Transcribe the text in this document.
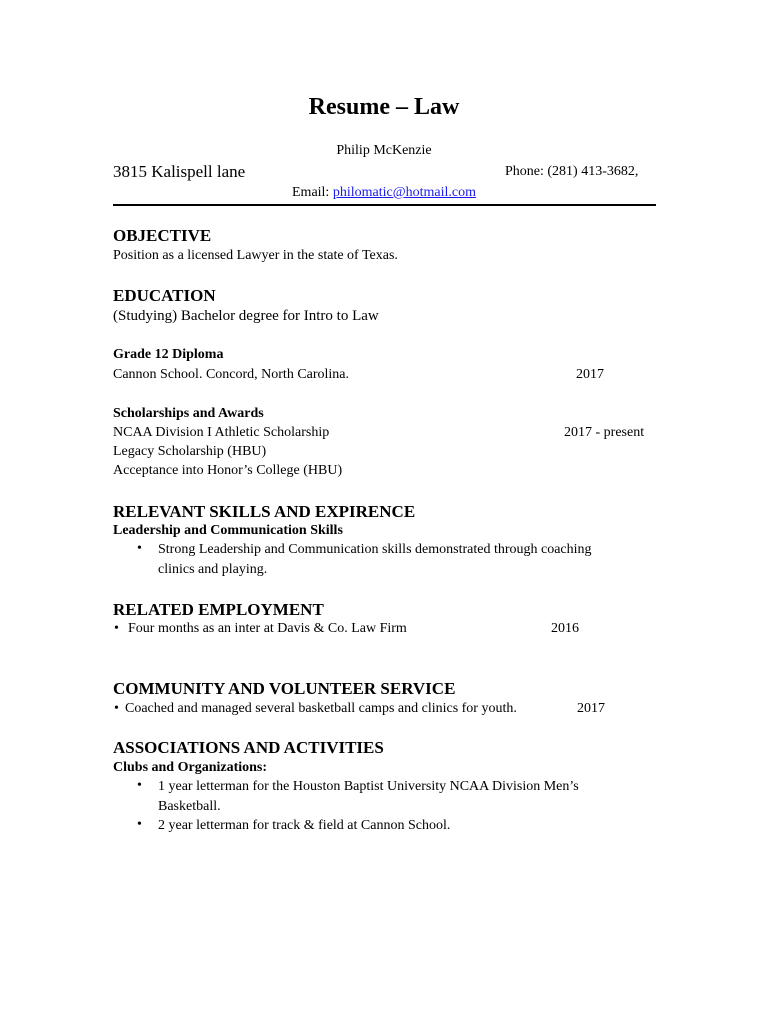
Resume – Law
Philip McKenzie
3815 Kalispell lane	Phone: (281) 413-3682,
Email: philomatic@hotmail.com
OBJECTIVE
Position as a licensed Lawyer in the state of Texas.
EDUCATION
(Studying) Bachelor degree for Intro to Law
Grade 12 Diploma
Cannon School. Concord, North Carolina.	2017
Scholarships and Awards
NCAA Division I Athletic Scholarship	2017 - present
Legacy Scholarship (HBU)
Acceptance into Honor’s College (HBU)
RELEVANT SKILLS AND EXPIRENCE
Leadership and Communication Skills
• Strong Leadership and Communication skills demonstrated through coaching
clinics and playing.
RELATED EMPLOYMENT
• Four months as an inter at Davis & Co. Law Firm	2016
COMMUNITY AND VOLUNTEER SERVICE
• Coached and managed several basketball camps and clinics for youth.	2017
ASSOCIATIONS AND ACTIVITIES
Clubs and Organizations:
• 1 year letterman for the Houston Baptist University NCAA Division Men’s
Basketball.
• 2 year letterman for track & field at Cannon School.
